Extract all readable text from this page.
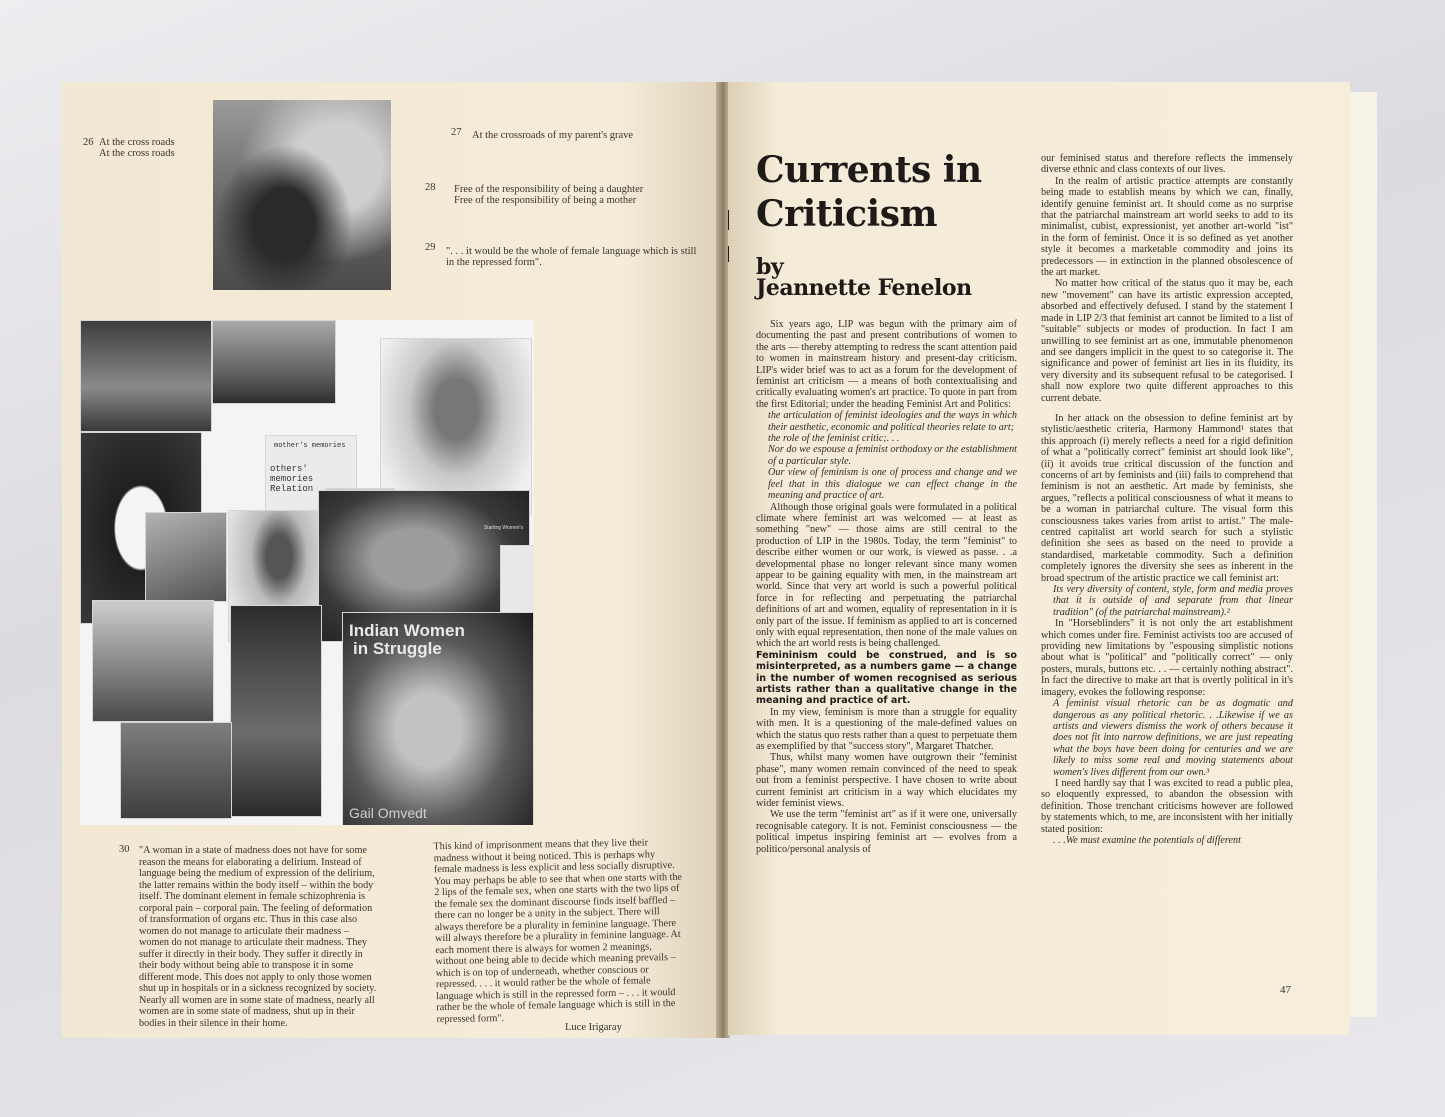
26 At the cross roads
At the cross roads
27 At the crossroads of my parent's grave
28 Free of the responsibility of being a daughter
Free of the responsibility of being a mother
29 ". . . it would be the whole of female language which is still
in the repressed form".
mother's memories
others' memories Relation
Starting Women's
Indian Women
in Struggle
Gail Omvedt
30 "A woman in a state of madness does not have for some reason the means for elaborating a delirium. Instead of language being the medium of expression of the delirium, the latter remains within the body itself – within the body itself. The dominant element in female schizophrenia is corporal pain – corporal pain. The feeling of deformation of transformation of organs etc. Thus in this case also women do not manage to articulate their madness – women do not manage to articulate their madness. They suffer it directly in their body. They suffer it directly in their body without being able to transpose it in some different mode. This does not apply to only those women shut up in hospitals or in a sickness recognized by society. Nearly all women are in some state of madness, nearly all women are in some state of madness, shut up in their bodies in their silence in their home.
This kind of imprisonment means that they live their madness without it being noticed. This is perhaps why female madness is less explicit and less socially disruptive. You may perhaps be able to see that when one starts with the 2 lips of the female sex, when one starts with the two lips of the female sex the dominant discourse finds itself baffled – there can no longer be a unity in the subject. There will always therefore be a plurality in feminine language. There will always therefore be a plurality in feminine language. At each moment there is always for women 2 meanings, without one being able to decide which meaning prevails – which is on top of underneath, whether conscious or repressed. . . . it would rather be the whole of female language which is still in the repressed form – . . . it would rather be the whole of female language which is still in the repressed form".
Luce Irigaray
Currents in
Criticism
by
Jeannette Fenelon

Six years ago, LIP was begun with the primary aim of documenting the past and present contributions of women to the arts — thereby attempting to redress the scant attention paid to women in mainstream history and present-day criticism. LIP's wider brief was to act as a forum for the development of feminist art criticism — a means of both contextualising and critically evaluating women's art practice. To quote in part from the first Editorial; under the heading Feminist Art and Politics:

the articulation of feminist ideologies and the ways in which their aesthetic, economic and political theories relate to art;

the role of the feminist critic;. . .

Nor do we espouse a feminist orthodoxy or the establishment of a particular style.

Our view of feminism is one of process and change and we feel that in this dialogue we can effect change in the meaning and practice of art.

Although those original goals were formulated in a political climate where feminist art was welcomed — at least as something "new" — those aims are still central to the production of LIP in the 1980s. Today, the term "feminist" to describe either women or our work, is viewed as passe. . .a developmental phase no longer relevant since many women appear to be gaining equality with men, in the mainstream art world. Since that very art world is such a powerful political force in for reflecting and perpetuating the patriarchal definitions of art and women, equality of representation in it is only part of the issue. If feminism as applied to art is concerned only with equal representation, then none of the male values on which the art world rests is being challenged.

Femininism could be construed, and is so misinterpreted, as a numbers game — a change in the number of women recognised as serious artists rather than a qualitative change in the meaning and practice of art.

In my view, feminism is more than a struggle for equality with men. It is a questioning of the male-defined values on which the status quo rests rather than a quest to perpetuate them as exemplified by that "success story", Margaret Thatcher.

Thus, whilst many women have outgrown their "feminist phase", many women remain convinced of the need to speak out from a feminist perspective. I have chosen to write about current feminist art criticism in a way which elucidates my wider feminist views.

We use the term "feminist art" as if it were one, universally recognisable category. It is not. Feminist consciousness — the political impetus inspiring feminist art — evolves from a politico/personal analysis of

our feminised status and therefore reflects the immensely diverse ethnic and class contexts of our lives.

In the realm of artistic practice attempts are constantly being made to establish means by which we can, finally, identify genuine feminist art. It should come as no surprise that the patriarchal mainstream art world seeks to add to its minimalist, cubist, expressionist, yet another art-world "ist" in the form of feminist. Once it is so defined as yet another style it becomes a marketable commodity and joins its predecessors — in extinction in the planned obsolescence of the art market.

No matter how critical of the status quo it may be, each new "movement" can have its artistic expression accepted, absorbed and effectively defused. I stand by the statement I made in LIP 2/3 that feminist art cannot be limited to a list of "suitable" subjects or modes of production. In fact I am unwilling to see feminist art as one, immutable phenomenon and see dangers implicit in the quest to so categorise it. The significance and power of feminist art lies in its fluidity, its very diversity and its subsequent refusal to be categorised. I shall now explore two quite different approaches to this current debate.

In her attack on the obsession to define feminist art by stylistic/aesthetic criteria, Harmony Hammond¹ states that this approach (i) merely reflects a need for a rigid definition of what a "politically correct" feminist art should look like", (ii) it avoids true critical discussion of the function and concerns of art by feminists and (iii) fails to comprehend that feminism is not an aesthetic. Art made by feminists, she argues, "reflects a political consciousness of what it means to be a woman in patriarchal culture. The visual form this consciousness takes varies from artist to artist." The male-centred capitalist art world search for such a stylistic definition she sees as based on the need to provide a standardised, marketable commodity. Such a definition completely ignores the diversity she sees as inherent in the broad spectrum of the artistic practice we call feminist art:

Its very diversity of content, style, form and media proves that it is outside of and separate from that linear tradition" (of the patriarchal mainstream).²

In "Horseblinders" it is not only the art establishment which comes under fire. Feminist activists too are accused of providing new limitations by "espousing simplistic notions about what is "political" and "politically correct" — only posters, murals, buttons etc. . . — certainly nothing abstract". In fact the directive to make art that is overtly political in it's imagery, evokes the following response:

A feminist visual rhetoric can be as dogmatic and dangerous as any political rhetoric. . .Likewise if we as artists and viewers dismiss the work of others because it does not fit into narrow definitions, we are just repeating what the boys have been doing for centuries and we are likely to miss some real and moving statements about women's lives different from our own.³

I need hardly say that I was excited to read a public plea, so eloquently expressed, to abandon the obsession with definition. Those trenchant criticisms however are followed by statements which, to me, are inconsistent with her initially stated position:

. . .We must examine the potentials of different

47
